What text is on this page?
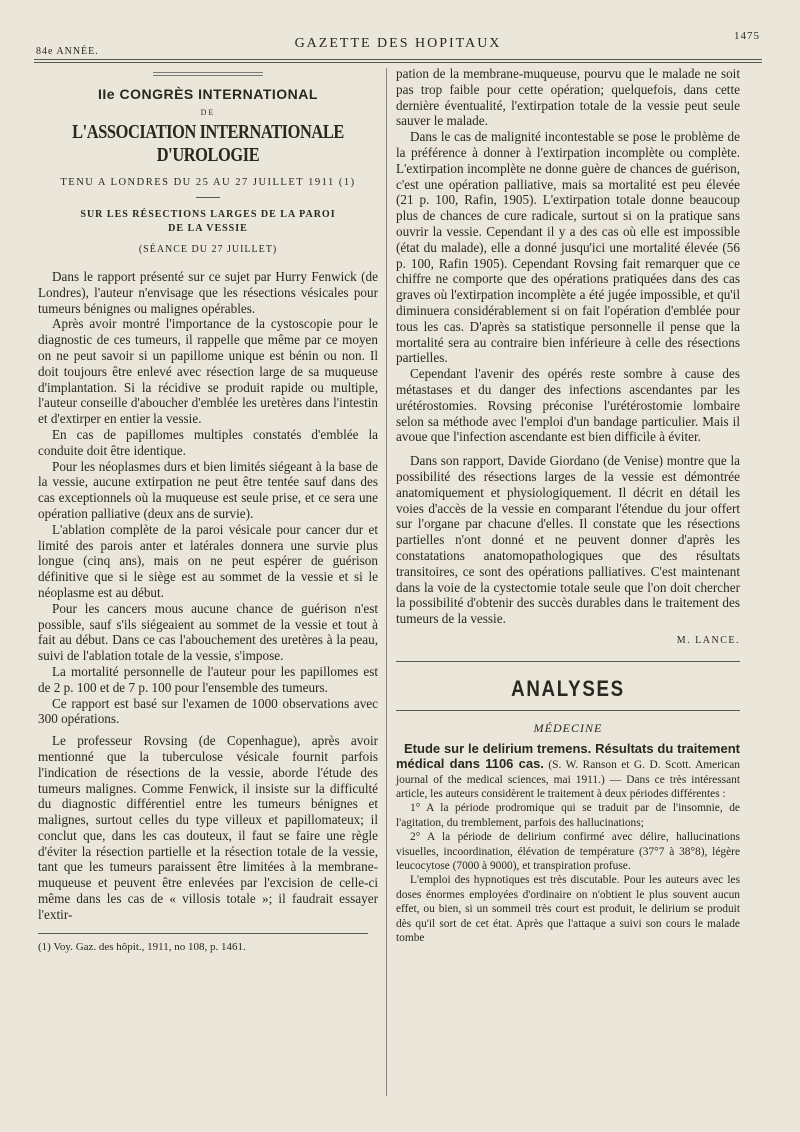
84e ANNÉE.
GAZETTE DES HOPITAUX	1475
IIe CONGRÈS INTERNATIONAL
DE
L'ASSOCIATION INTERNATIONALE D'UROLOGIE
TENU A LONDRES DU 25 AU 27 JUILLET 1911 (1)
SUR LES RÉSECTIONS LARGES DE LA PAROI
DE LA VESSIE
(SÉANCE DU 27 JUILLET)

Dans le rapport présenté sur ce sujet par Hurry Fenwick (de Londres), l'auteur n'envisage que les résections vésicales pour tumeurs bénignes ou malignes opérables.

Après avoir montré l'importance de la cystoscopie pour le diagnostic de ces tumeurs, il rappelle que même par ce moyen on ne peut savoir si un papillome unique est bénin ou non. Il doit toujours être enlevé avec résection large de sa muqueuse d'implantation. Si la récidive se produit rapide ou multiple, l'auteur conseille d'aboucher d'emblée les uretères dans l'intestin et d'extirper en entier la vessie.

En cas de papillomes multiples constatés d'emblée la conduite doit être identique.

Pour les néoplasmes durs et bien limités siégeant à la base de la vessie, aucune extirpation ne peut être tentée sauf dans des cas exceptionnels où la muqueuse est seule prise, et ce sera une opération palliative (deux ans de survie).

L'ablation complète de la paroi vésicale pour cancer dur et limité des parois anter et latérales donnera une survie plus longue (cinq ans), mais on ne peut espérer de guérison définitive que si le siège est au sommet de la vessie et si le néoplasme est au début.

Pour les cancers mous aucune chance de guérison n'est possible, sauf s'ils siégeaient au sommet de la vessie et tout à fait au début. Dans ce cas l'abouchement des uretères à la peau, suivi de l'ablation totale de la vessie, s'impose.

La mortalité personnelle de l'auteur pour les papillomes est de 2 p. 100 et de 7 p. 100 pour l'ensemble des tumeurs.

Ce rapport est basé sur l'examen de 1000 observations avec 300 opérations.

Le professeur Rovsing (de Copenhague), après avoir mentionné que la tuberculose vésicale fournit parfois l'indication de résections de la vessie, aborde l'étude des tumeurs malignes. Comme Fenwick, il insiste sur la difficulté du diagnostic différentiel entre les tumeurs bénignes et malignes, surtout celles du type villeux et papillomateux; il conclut que, dans les cas douteux, il faut se faire une règle d'éviter la résection partielle et la résection totale de la vessie, tant que les tumeurs paraissent être limitées à la membrane-muqueuse et peuvent être enlevées par l'excision de celle-ci même dans les cas de « villosis totale »; il faudrait essayer l'extir-

(1) Voy. Gaz. des hôpit., 1911, no 108, p. 1461.

pation de la membrane-muqueuse, pourvu que le malade ne soit pas trop faible pour cette opération; quelquefois, dans cette dernière éventualité, l'extirpation totale de la vessie peut seule sauver le malade.

Dans le cas de malignité incontestable se pose le problème de la préférence à donner à l'extirpation incomplète ou complète. L'extirpation incomplète ne donne guère de chances de guérison, c'est une opération palliative, mais sa mortalité est peu élevée (21 p. 100, Rafin, 1905). L'extirpation totale donne beaucoup plus de chances de cure radicale, surtout si on la pratique sans ouvrir la vessie. Cependant il y a des cas où elle est impossible (état du malade), elle a donné jusqu'ici une mortalité élevée (56 p. 100, Rafin 1905). Cependant Rovsing fait remarquer que ce chiffre ne comporte que des opérations pratiquées dans des cas graves où l'extirpation incomplète a été jugée impossible, et qu'il diminuera considérablement si on fait l'opération d'emblée pour tous les cas. D'après sa statistique personnelle il pense que la mortalité sera au contraire bien inférieure à celle des résections partielles.

Cependant l'avenir des opérés reste sombre à cause des métastases et du danger des infections ascendantes par les urétérostomies. Rovsing préconise l'urétérostomie lombaire selon sa méthode avec l'emploi d'un bandage particulier. Mais il avoue que l'infection ascendante est bien difficile à éviter.

Dans son rapport, Davide Giordano (de Venise) montre que la possibilité des résections larges de la vessie est démontrée anatomiquement et physiologiquement. Il décrit en détail les voies d'accès de la vessie en comparant l'étendue du jour offert sur l'organe par chacune d'elles. Il constate que les résections partielles n'ont donné et ne peuvent donner d'après les constatations anatomopathologiques que des résultats transitoires, ce sont des opérations palliatives. C'est maintenant dans la voie de la cystectomie totale seule que l'on doit chercher la possibilité d'obtenir des succès durables dans le traitement des tumeurs de la vessie.

M. LANCE.

ANALYSES
MÉDECINE

Etude sur le delirium tremens. Résultats du traitement médical dans 1106 cas. (S. W. Ranson et G. D. Scott. American journal of the medical sciences, mai 1911.) — Dans ce très intéressant article, les auteurs considèrent le traitement à deux périodes différentes :

1° A la période prodromique qui se traduit par de l'insomnie, de l'agitation, du tremblement, parfois des hallucinations;

2° A la période de delirium confirmé avec délire, hallucinations visuelles, incoordination, élévation de température (37°7 à 38°8), légère leucocytose (7000 à 9000), et transpiration profuse.

L'emploi des hypnotiques est très discutable. Pour les auteurs avec les doses énormes employées d'ordinaire on n'obtient le plus souvent aucun effet, ou bien, si un sommeil très court est produit, le delirium se produit dès qu'il sort de cet état. Après que l'attaque a suivi son cours le malade tombe
